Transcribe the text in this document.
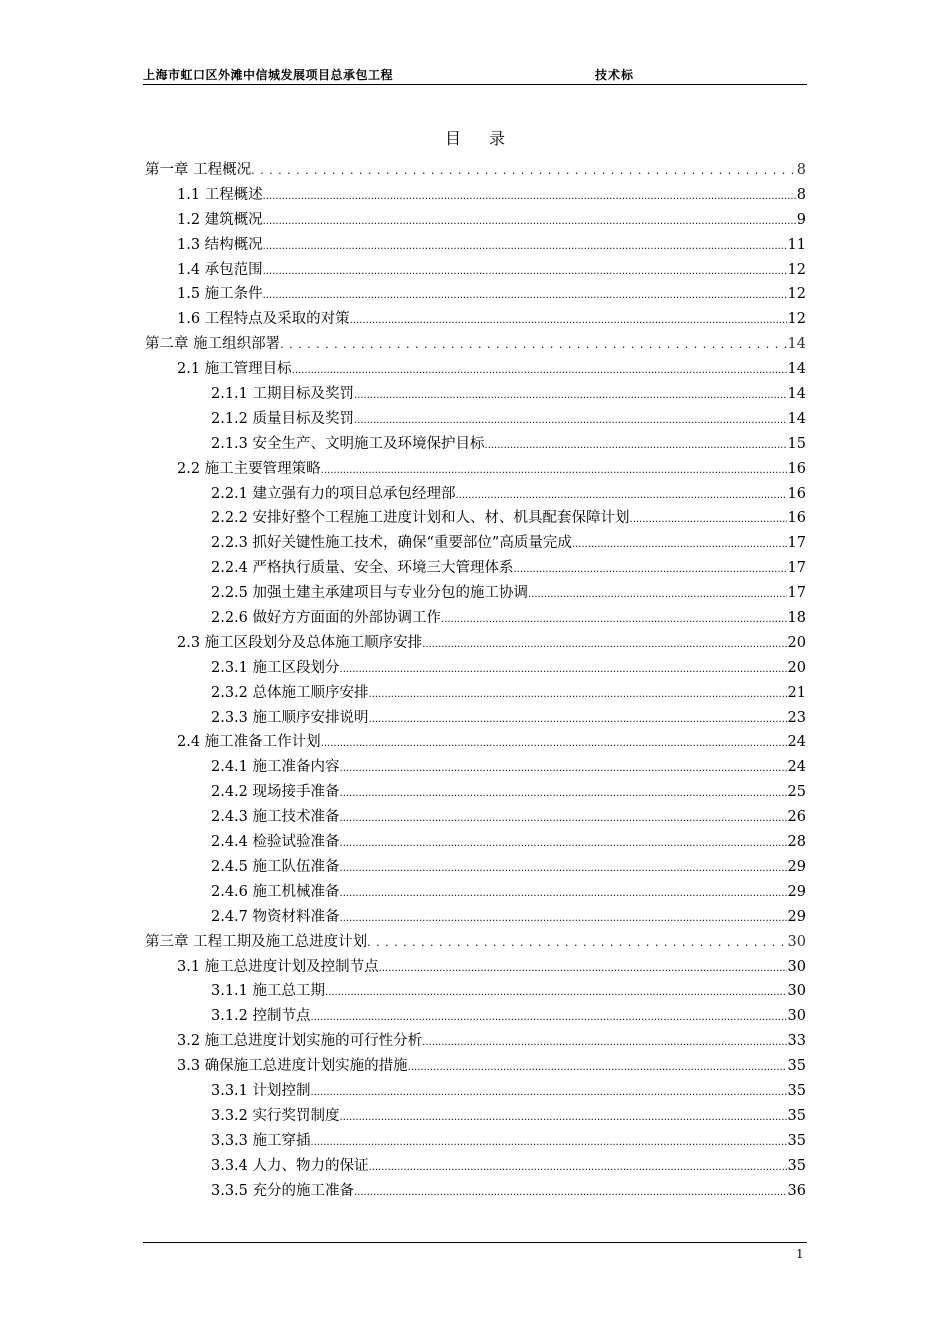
上海市虹口区外滩中信城发展项目总承包工程	技术标
目录
第一章 工程概况 . . .	8
1.1 工程概述 .....	8
1.2 建筑概况 .....	9
1.3 结构概况 .....	11
1.4 承包范围 .....	12
1.5 施工条件 .....	12
1.6 工程特点及采取的对策 .....	12
第二章 施工组织部署 . . .	14
2.1 施工管理目标 .....	14
2.1.1 工期目标及奖罚 .....	14
2.1.2 质量目标及奖罚 .....	14
2.1.3 安全生产、文明施工及环境保护目标 .....	15
2.2 施工主要管理策略 .....	16
2.2.1 建立强有力的项目总承包经理部 .....	16
2.2.2 安排好整个工程施工进度计划和人、材、机具配套保障计划 .....	16
2.2.3 抓好关键性施工技术，确保“重要部位”高质量完成 .....	17
2.2.4 严格执行质量、安全、环境三大管理体系 .....	17
2.2.5 加强土建主承建项目与专业分包的施工协调 .....	17
2.2.6 做好方方面面的外部协调工作 .....	18
2.3 施工区段划分及总体施工顺序安排 .....	20
2.3.1 施工区段划分 .....	20
2.3.2 总体施工顺序安排 .....	21
2.3.3 施工顺序安排说明 .....	23
2.4 施工准备工作计划 .....	24
2.4.1 施工准备内容 .....	24
2.4.2 现场接手准备 .....	25
2.4.3 施工技术准备 .....	26
2.4.4 检验试验准备 .....	28
2.4.5 施工队伍准备 .....	29
2.4.6 施工机械准备 .....	29
2.4.7 物资材料准备 .....	29
第三章 工程工期及施工总进度计划 . . .	30
3.1 施工总进度计划及控制节点 .....	30
3.1.1 施工总工期 .....	30
3.1.2 控制节点 .....	30
3.2 施工总进度计划实施的可行性分析 .....	33
3.3 确保施工总进度计划实施的措施 .....	35
3.3.1 计划控制 .....	35
3.3.2 实行奖罚制度 .....	35
3.3.3 施工穿插 .....	35
3.3.4 人力、物力的保证 .....	35
3.3.5 充分的施工准备 .....	36
1
